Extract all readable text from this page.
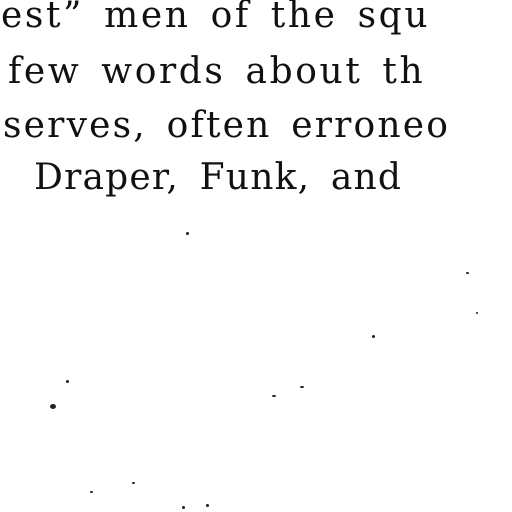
est” men of the squ
few words about th
serves, often erroneo
Draper, Funk, and
